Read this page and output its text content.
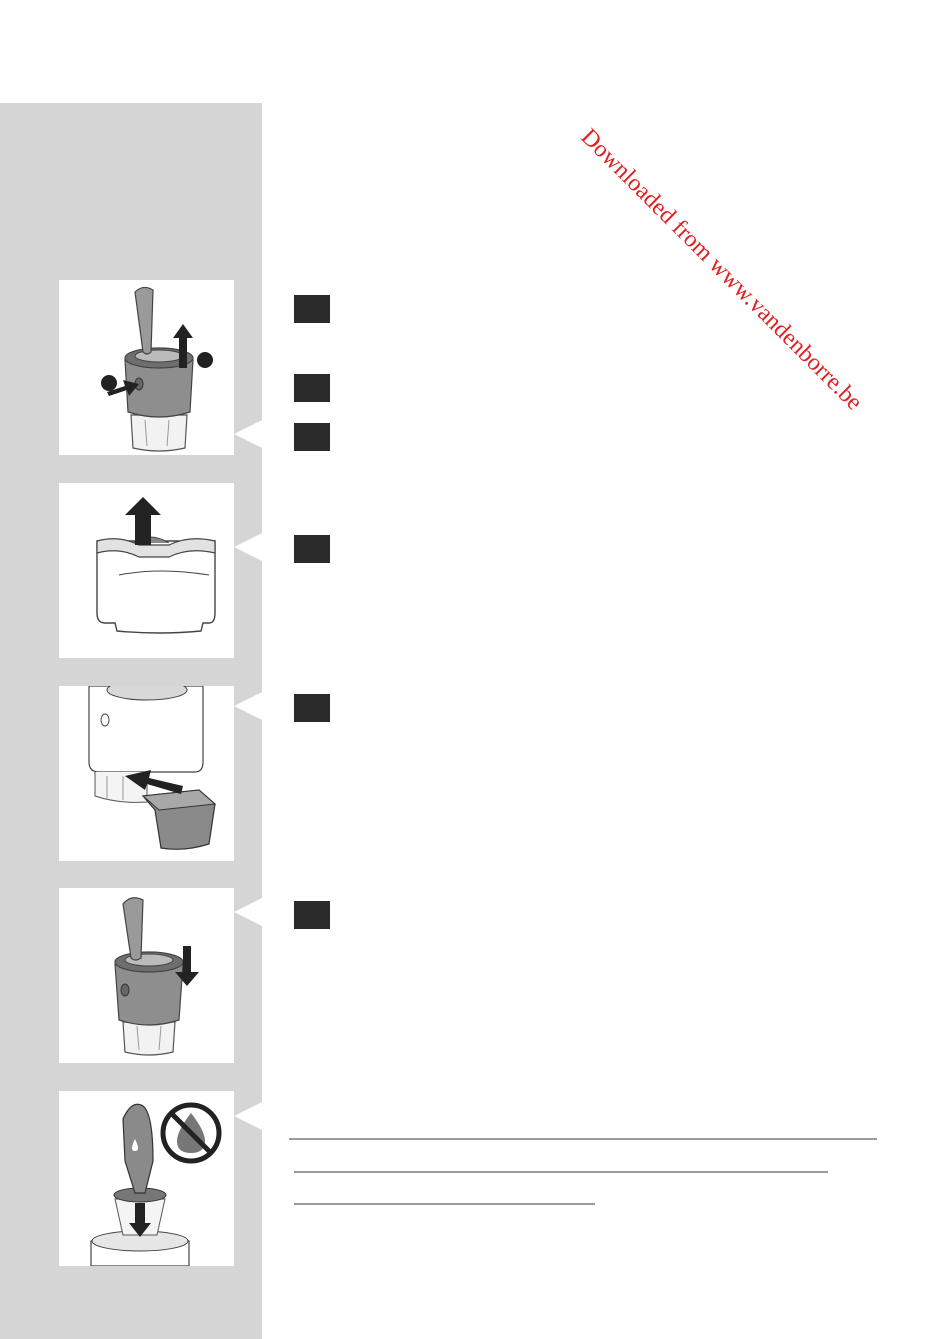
Downloaded from www.vandenborre.be
